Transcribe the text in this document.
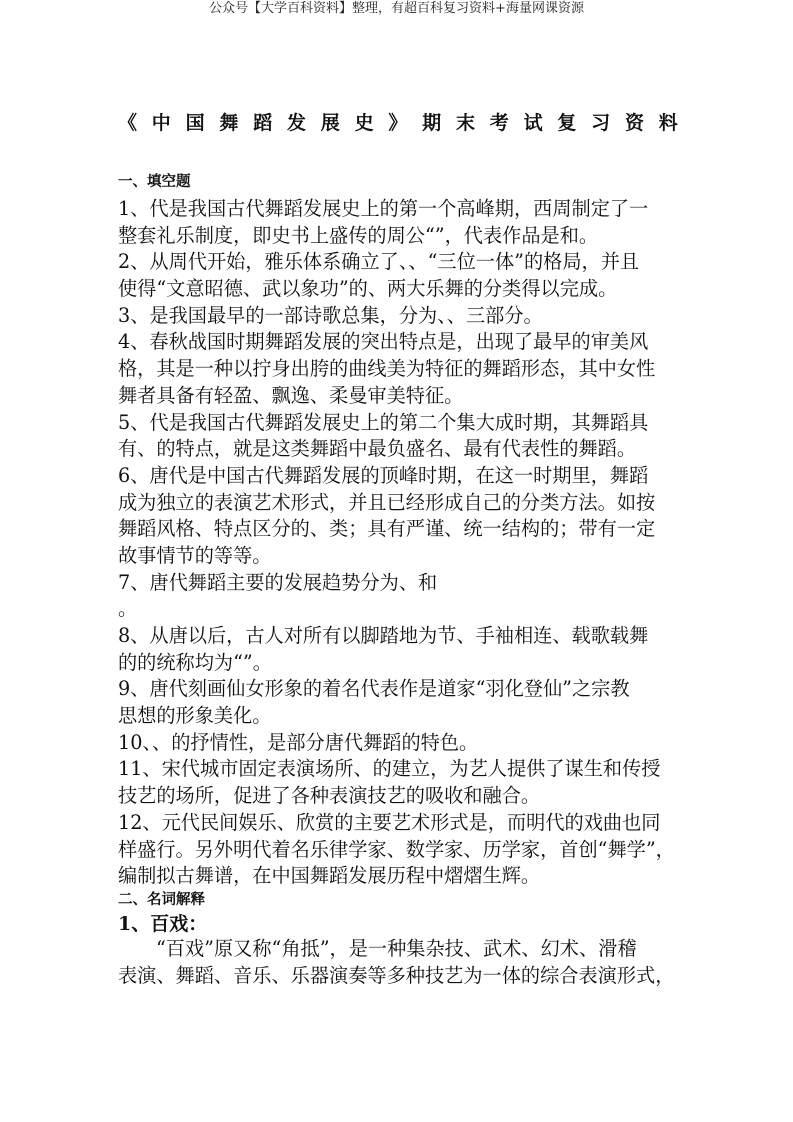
公众号【大学百科资料】整理，有超百科复习资料+海量网课资源
《 中 国 舞 蹈 发 展 史 》 期 末 考 试 复 习 资 料
一、填空题
1、代是我国古代舞蹈发展史上的第一个高峰期，西周制定了一
整套礼乐制度，即史书上盛传的周公“”，代表作品是和。
2、从周代开始，雅乐体系确立了、、“三位一体”的格局，并且
使得“文意昭德、武以象功”的、两大乐舞的分类得以完成。
3、是我国最早的一部诗歌总集，分为、、三部分。
4、春秋战国时期舞蹈发展的突出特点是，出现了最早的审美风
格，其是一种以拧身出胯的曲线美为特征的舞蹈形态，其中女性
舞者具备有轻盈、飘逸、柔曼审美特征。
5、代是我国古代舞蹈发展史上的第二个集大成时期，其舞蹈具
有、的特点，就是这类舞蹈中最负盛名、最有代表性的舞蹈。
6、唐代是中国古代舞蹈发展的顶峰时期，在这一时期里，舞蹈
成为独立的表演艺术形式，并且已经形成自己的分类方法。如按
舞蹈风格、特点区分的、类；具有严谨、统一结构的；带有一定
故事情节的等等。
7、唐代舞蹈主要的发展趋势分为、和
。
8、从唐以后，古人对所有以脚踏地为节、手袖相连、载歌载舞
的的统称均为“”。
9、唐代刻画仙女形象的着名代表作是道家“羽化登仙”之宗教
思想的形象美化。
10、、的抒情性，是部分唐代舞蹈的特色。
11、宋代城市固定表演场所、的建立，为艺人提供了谋生和传授
技艺的场所，促进了各种表演技艺的吸收和融合。
12、元代民间娱乐、欣赏的主要艺术形式是，而明代的戏曲也同
样盛行。另外明代着名乐律学家、数学家、历学家，首创“舞学”，
编制拟古舞谱，在中国舞蹈发展历程中熠熠生辉。
二、名词解释
1、百戏：
“百戏”原又称“角抵”，是一种集杂技、武术、幻术、滑稽
表演、舞蹈、音乐、乐器演奏等多种技艺为一体的综合表演形式，
